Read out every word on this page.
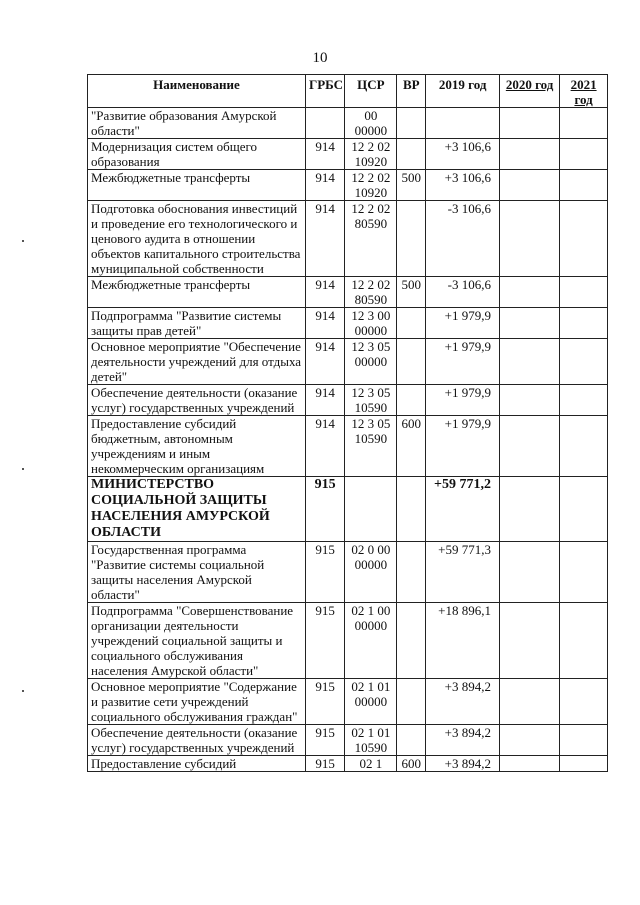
10
Наименование	ГРБС	ЦСР	ВР	2019 год	2020 год	2021 год
"Развитие образования Амурской области"		00 00000				
Модернизация систем общего образования	914	12 2 02 10920		+3 106,6		
Межбюджетные трансферты	914	12 2 02 10920	500	+3 106,6		
Подготовка обоснования инвестиций и проведение его технологического и ценового аудита в отношении объектов капитального строительства муниципальной собственности	914	12 2 02 80590		-3 106,6		
Межбюджетные трансферты	914	12 2 02 80590	500	-3 106,6		
Подпрограмма "Развитие системы защиты прав детей"	914	12 3 00 00000		+1 979,9		
Основное мероприятие "Обеспечение деятельности учреждений для отдыха детей"	914	12 3 05 00000		+1 979,9		
Обеспечение деятельности (оказание услуг) государственных учреждений	914	12 3 05 10590		+1 979,9		
Предоставление субсидий бюджетным, автономным учреждениям и иным некоммерческим организациям	914	12 3 05 10590	600	+1 979,9		
МИНИСТЕРСТВО СОЦИАЛЬНОЙ ЗАЩИТЫ НАСЕЛЕНИЯ АМУРСКОЙ ОБЛАСТИ	915			+59 771,2		
Государственная программа "Развитие системы социальной защиты населения Амурской области"	915	02 0 00 00000		+59 771,3		
Подпрограмма "Совершенствование организации деятельности учреждений социальной защиты и социального обслуживания населения Амурской области"	915	02 1 00 00000		+18 896,1		
Основное мероприятие "Содержание и развитие сети учреждений социального обслуживания граждан"	915	02 1 01 00000		+3 894,2		
Обеспечение деятельности (оказание услуг) государственных учреждений	915	02 1 01 10590		+3 894,2		
Предоставление субсидий	915	02 1	600	+3 894,2		
